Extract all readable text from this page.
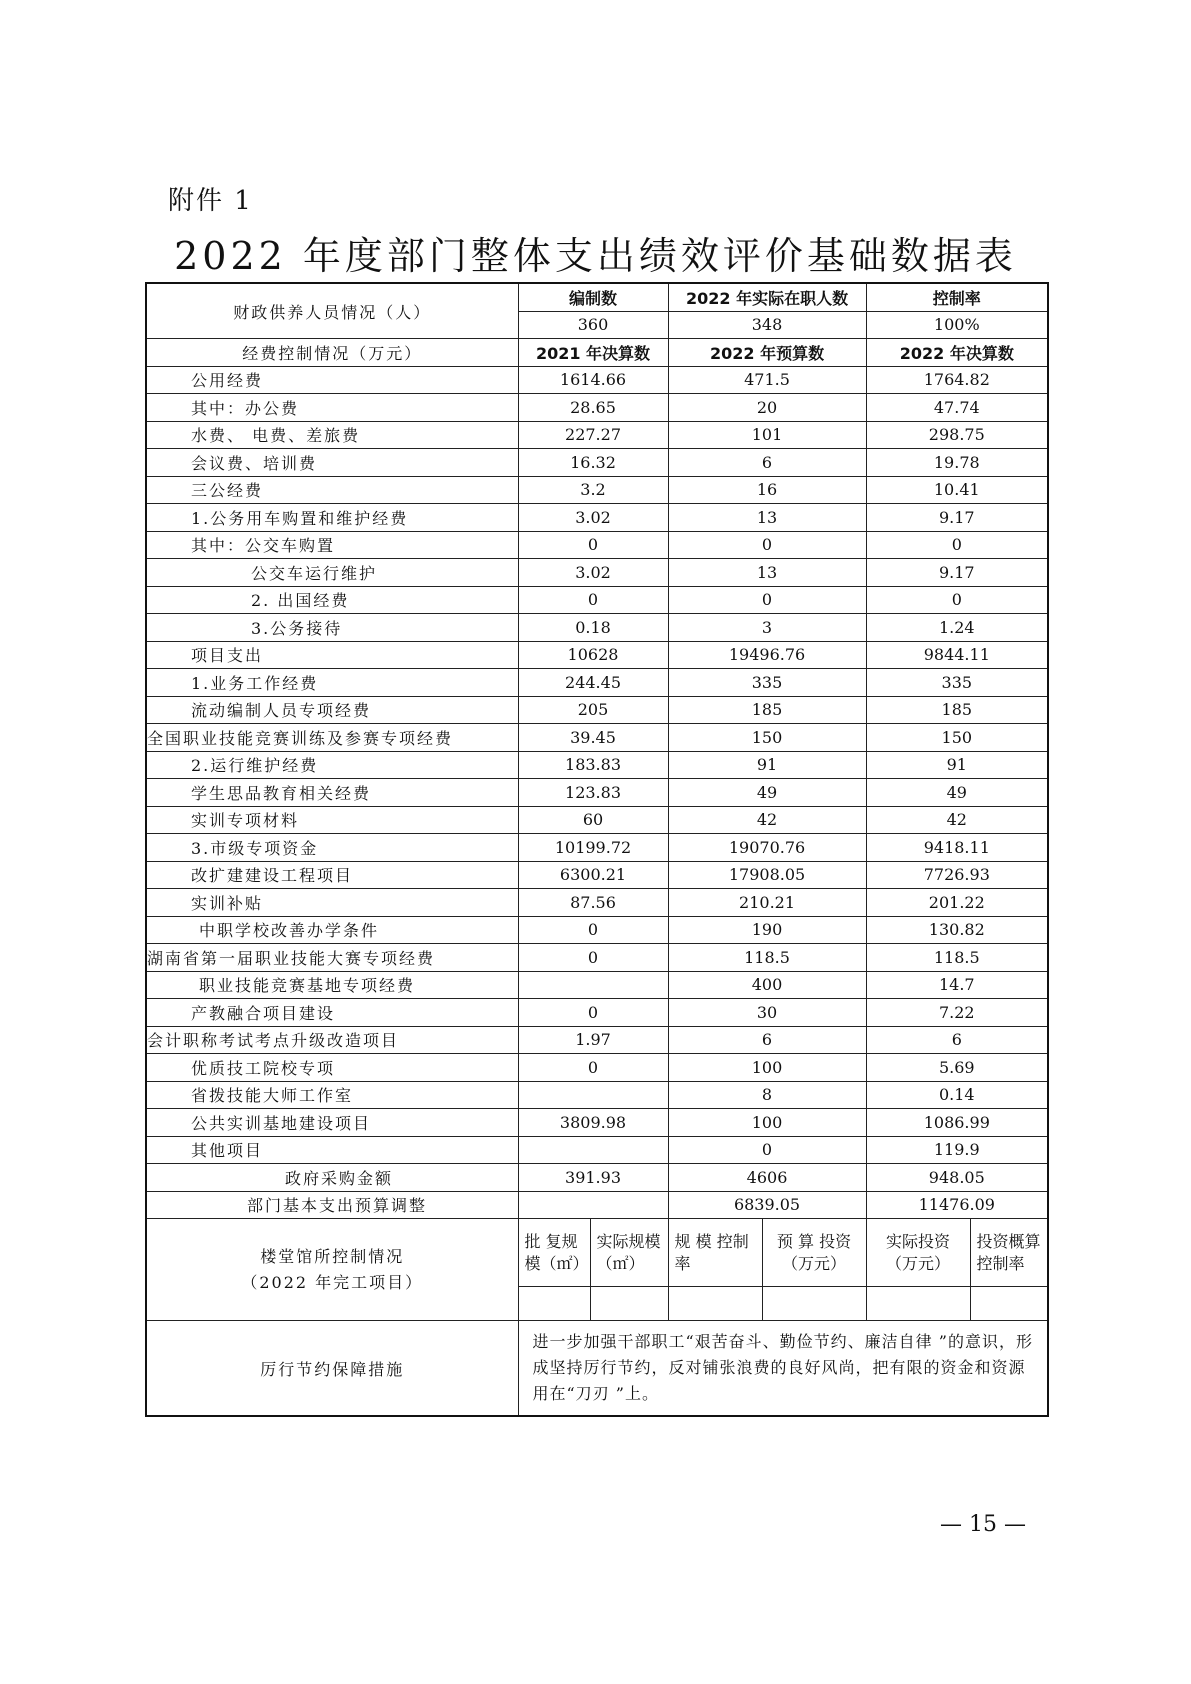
附件 1
2022 年度部门整体支出绩效评价基础数据表
财政供养人员情况（人）	编制数		2022 年实际在职人数		控制率	
	360		348		100%	
经费控制情况（万元）	2021 年决算数		2022 年预算数		2022 年决算数	
公用经费	1614.66		471.5		1764.82	
其中：办公费	28.65		20		47.74	
水费、 电费、差旅费	227.27		101		298.75	
会议费、培训费	16.32		6		19.78	
三公经费	3.2		16		10.41	
1.公务用车购置和维护经费	3.02		13		9.17	
其中：公交车购置	0		0		0	
公交车运行维护	3.02		13		9.17	
2. 出国经费	0		0		0	
3.公务接待	0.18		3		1.24	
项目支出	10628		19496.76		9844.11	
1.业务工作经费	244.45		335		335	
流动编制人员专项经费	205		185		185	
全国职业技能竞赛训练及参赛专项经费	39.45		150		150	
2.运行维护经费	183.83		91		91	
学生思品教育相关经费	123.83		49		49	
实训专项材料	60		42		42	
3.市级专项资金	10199.72		19070.76		9418.11	
改扩建建设工程项目	6300.21		17908.05		7726.93	
实训补贴	87.56		210.21		201.22	
中职学校改善办学条件	0		190		130.82	
湖南省第一届职业技能大赛专项经费	0		118.5		118.5	
职业技能竞赛基地专项经费			400		14.7	
产教融合项目建设	0		30		7.22	
会计职称考试考点升级改造项目	1.97		6		6	
优质技工院校专项	0		100		5.69	
省拨技能大师工作室			8		0.14	
公共实训基地建设项目	3809.98		100		1086.99	
其他项目			0		119.9	
政府采购金额	391.93		4606		948.05	
部门基本支出预算调整			6839.05		11476.09	

楼堂馆所控制情况
（2022 年完工项目）	批 复规模（㎡）	实际规模（㎡）	规 模 控制率	预 算 投资（万元）	实际投资（万元）	投资概算控制率

厉行节约保障措施	进一步加强干部职工“艰苦奋斗、勤俭节约、廉洁自律 ”的意识，形成坚持厉行节约，反对铺张浪费的良好风尚，把有限的资金和资源用在“刀刃 ”上。					
— 15 —
